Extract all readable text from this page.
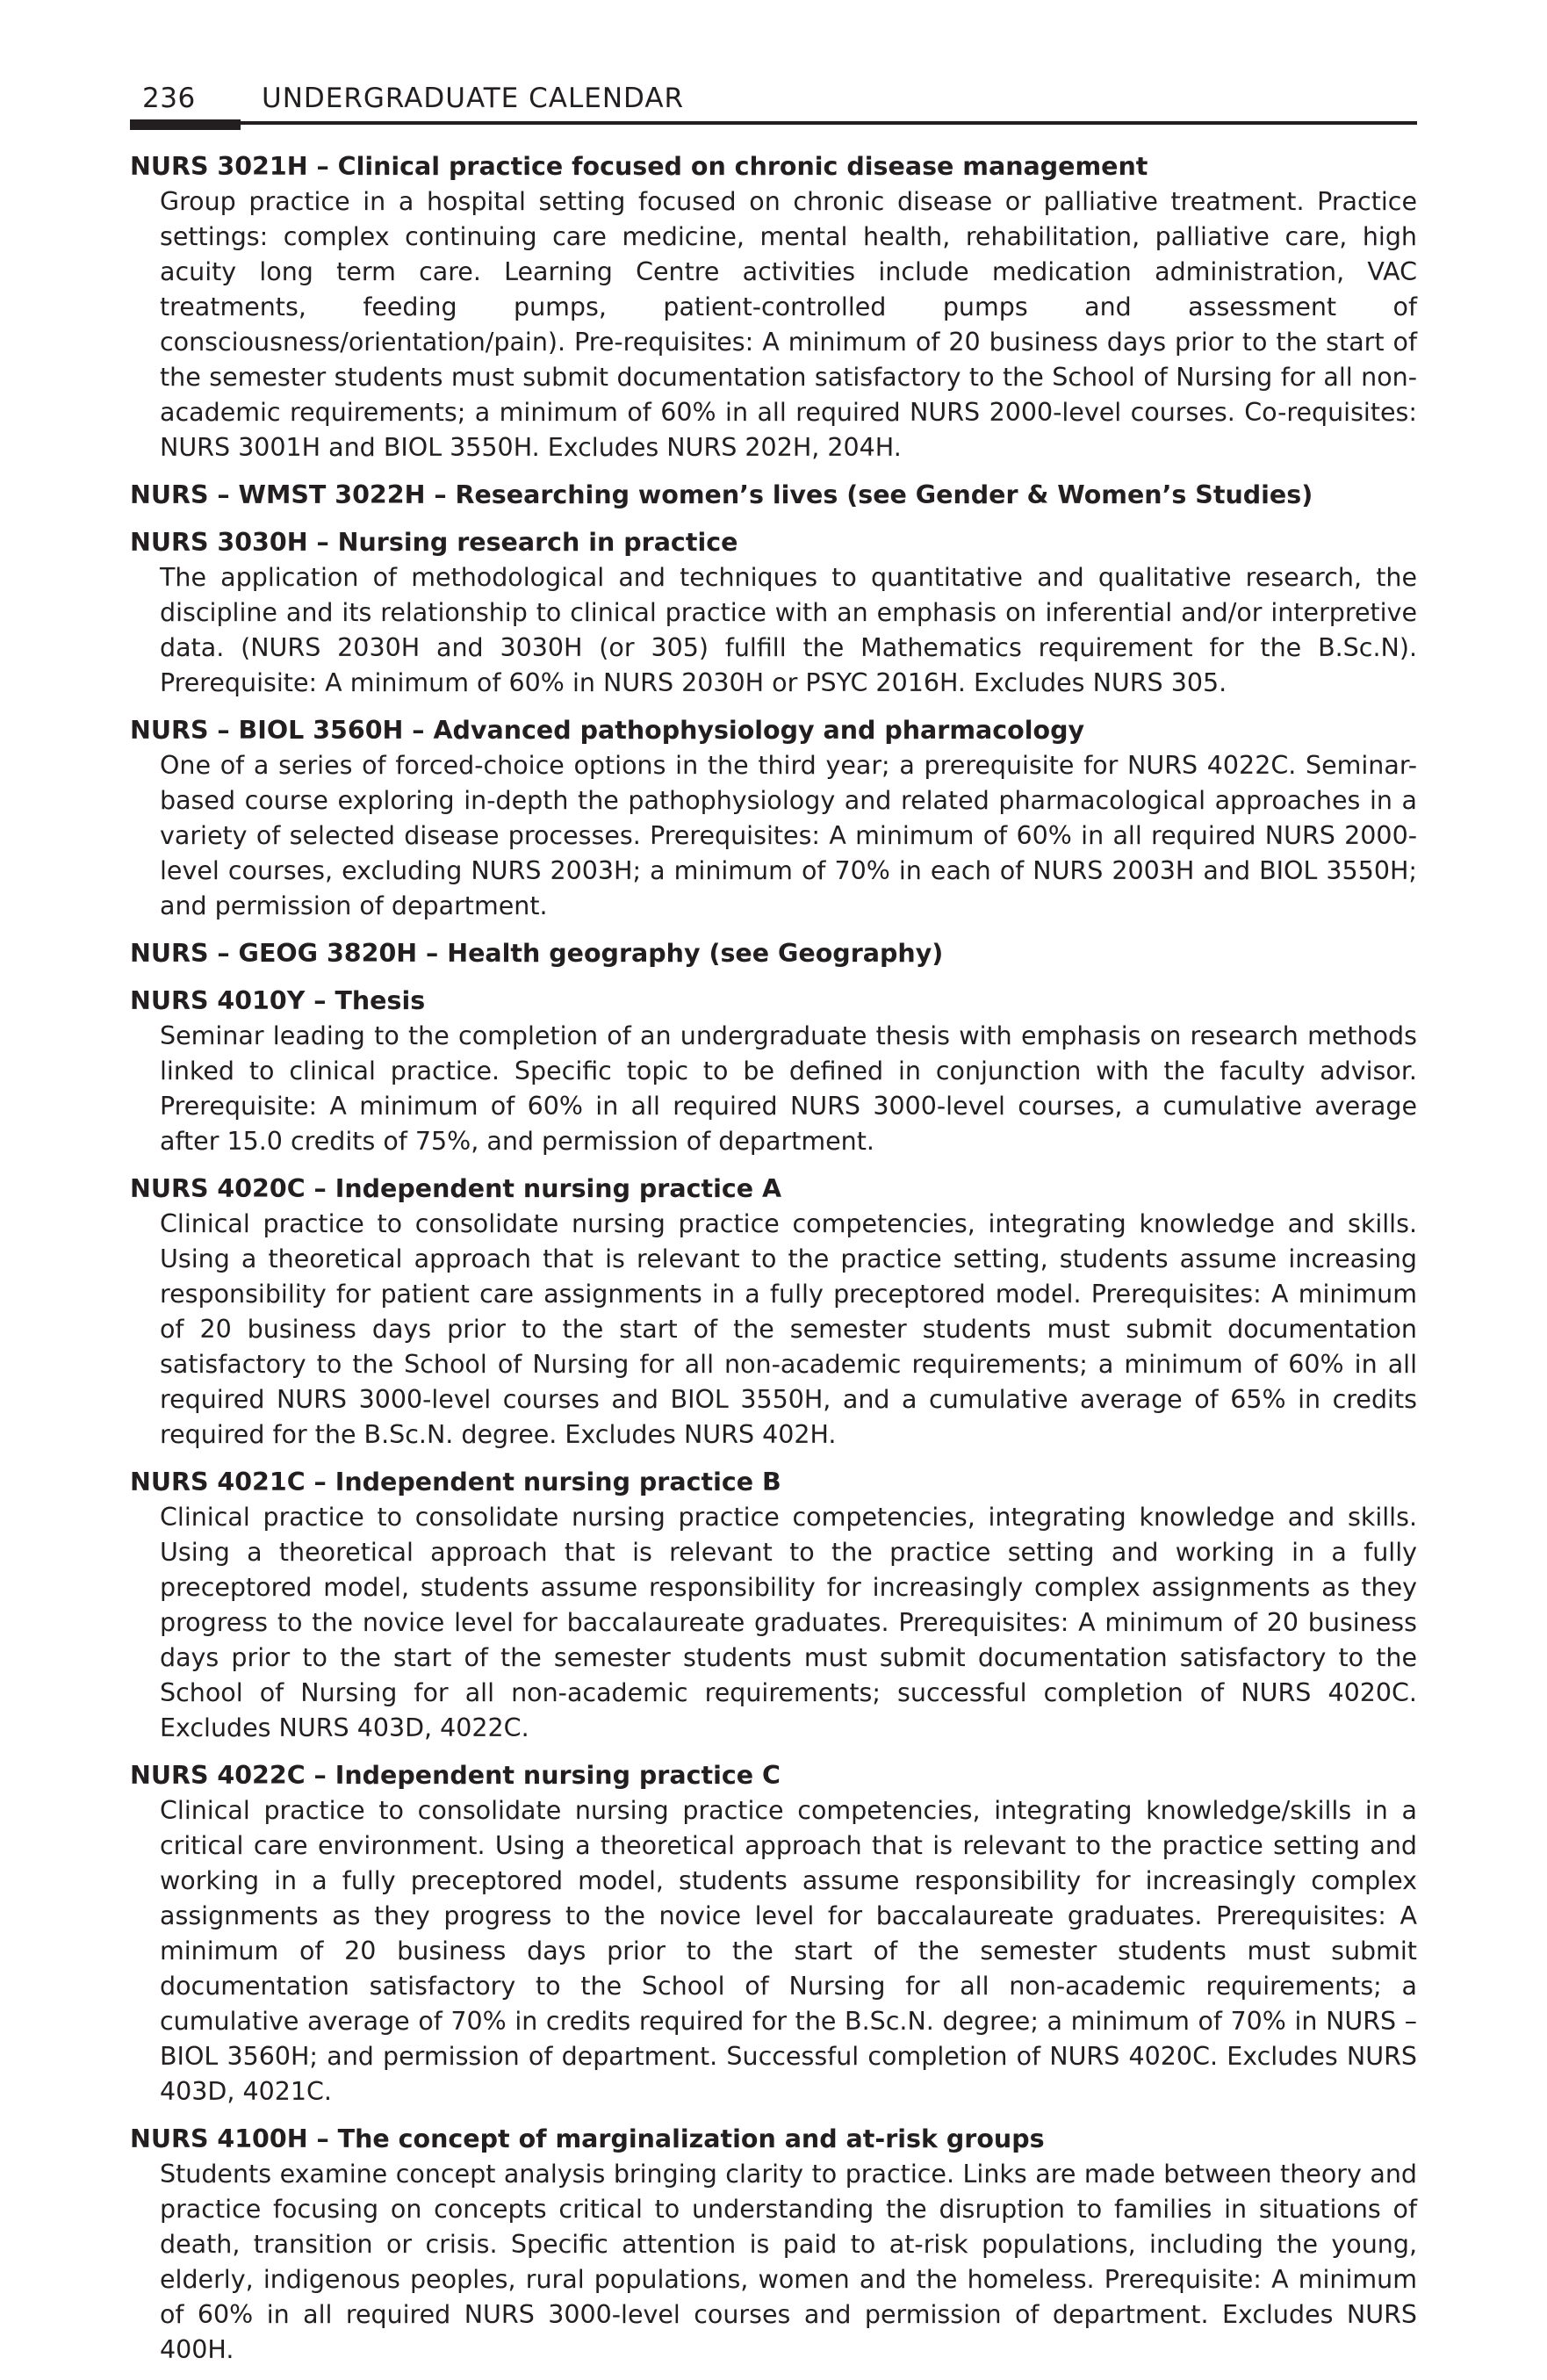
236 UNDERGRADUATE CALENDAR

NURS 3021H – Clinical practice focused on chronic disease management

Group practice in a hospital setting focused on chronic disease or palliative treatment. Practice settings: complex continuing care medicine, mental health, rehabilitation, palliative care, high acuity long term care. Learning Centre activities include medication administration, VAC treatments, feeding pumps, patient-controlled pumps and assessment of consciousness/orientation/pain). Pre-requisites: A minimum of 20 business days prior to the start of the semester students must submit documentation satisfactory to the School of Nursing for all non-academic requirements; a minimum of 60% in all required NURS 2000-level courses. Co-requisites: NURS 3001H and BIOL 3550H. Excludes NURS 202H, 204H.

NURS – WMST 3022H – Researching women’s lives (see Gender & Women’s Studies)

NURS 3030H – Nursing research in practice

The application of methodological and techniques to quantitative and qualitative research, the discipline and its relationship to clinical practice with an emphasis on inferential and/or interpretive data. (NURS 2030H and 3030H (or 305) fulfill the Mathematics requirement for the B.Sc.N). Prerequisite: A minimum of 60% in NURS 2030H or PSYC 2016H. Excludes NURS 305.

NURS – BIOL 3560H – Advanced pathophysiology and pharmacology

One of a series of forced-choice options in the third year; a prerequisite for NURS 4022C. Seminar-based course exploring in-depth the pathophysiology and related pharmacological approaches in a variety of selected disease processes. Prerequisites: A minimum of 60% in all required NURS 2000-level courses, excluding NURS 2003H; a minimum of 70% in each of NURS 2003H and BIOL 3550H; and permission of department.

NURS – GEOG 3820H – Health geography (see Geography)

NURS 4010Y – Thesis

Seminar leading to the completion of an undergraduate thesis with emphasis on research methods linked to clinical practice. Specific topic to be defined in conjunction with the faculty advisor. Prerequisite: A minimum of 60% in all required NURS 3000-level courses, a cumulative average after 15.0 credits of 75%, and permission of department.

NURS 4020C – Independent nursing practice A

Clinical practice to consolidate nursing practice competencies, integrating knowledge and skills. Using a theoretical approach that is relevant to the practice setting, students assume increasing responsibility for patient care assignments in a fully preceptored model. Prerequisites: A minimum of 20 business days prior to the start of the semester students must submit documentation satisfactory to the School of Nursing for all non-academic requirements; a minimum of 60% in all required NURS 3000-level courses and BIOL 3550H, and a cumulative average of 65% in credits required for the B.Sc.N. degree. Excludes NURS 402H.

NURS 4021C – Independent nursing practice B

Clinical practice to consolidate nursing practice competencies, integrating knowledge and skills. Using a theoretical approach that is relevant to the practice setting and working in a fully preceptored model, students assume responsibility for increasingly complex assignments as they progress to the novice level for baccalaureate graduates. Prerequisites: A minimum of 20 business days prior to the start of the semester students must submit documentation satisfactory to the School of Nursing for all non-academic requirements; successful completion of NURS 4020C. Excludes NURS 403D, 4022C.

NURS 4022C – Independent nursing practice C

Clinical practice to consolidate nursing practice competencies, integrating knowledge/skills in a critical care environment. Using a theoretical approach that is relevant to the practice setting and working in a fully preceptored model, students assume responsibility for increasingly complex assignments as they progress to the novice level for baccalaureate graduates. Prerequisites: A minimum of 20 business days prior to the start of the semester students must submit documentation satisfactory to the School of Nursing for all non-academic requirements; a cumulative average of 70% in credits required for the B.Sc.N. degree; a minimum of 70% in NURS – BIOL 3560H; and permission of department. Successful completion of NURS 4020C. Excludes NURS 403D, 4021C.

NURS 4100H – The concept of marginalization and at-risk groups

Students examine concept analysis bringing clarity to practice. Links are made between theory and practice focusing on concepts critical to understanding the disruption to families in situations of death, transition or crisis. Specific attention is paid to at-risk populations, including the young, elderly, indigenous peoples, rural populations, women and the homeless. Prerequisite: A minimum of 60% in all required NURS 3000-level courses and permission of department. Excludes NURS 400H.
